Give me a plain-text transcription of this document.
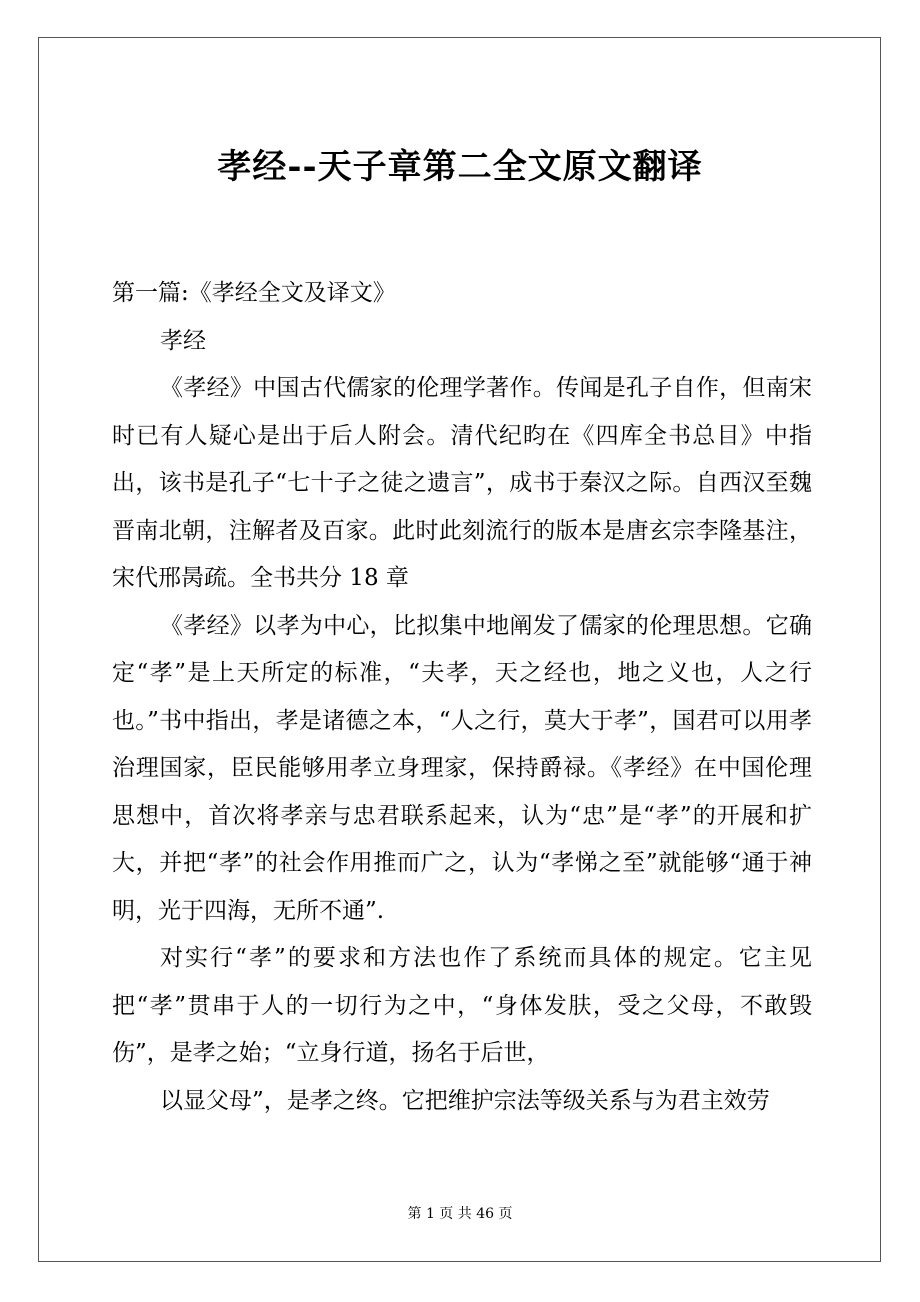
孝经--天子章第二全文原文翻译

第一篇:《孝经全文及译文》

孝经

《孝经》中国古代儒家的伦理学著作。传闻是孔子自作，但南宋时已有人疑心是出于后人附会。清代纪昀在《四库全书总目》中指出，该书是孔子“七十子之徒之遗言”，成书于秦汉之际。自西汉至魏晋南北朝，注解者及百家。此时此刻流行的版本是唐玄宗李隆基注，宋代邢昺疏。全书共分 18 章

《孝经》以孝为中心，比拟集中地阐发了儒家的伦理思想。它确定“孝”是上天所定的标准，“夫孝，天之经也，地之义也，人之行也。”书中指出，孝是诸德之本，“人之行，莫大于孝”，国君可以用孝治理国家，臣民能够用孝立身理家，保持爵禄。《孝经》在中国伦理思想中，首次将孝亲与忠君联系起来，认为“忠”是“孝”的开展和扩大，并把“孝”的社会作用推而广之，认为“孝悌之至”就能够“通于神明，光于四海，无所不通”.

对实行“孝”的要求和方法也作了系统而具体的规定。它主见把“孝”贯串于人的一切行为之中，“身体发肤，受之父母，不敢毁伤”，是孝之始；“立身行道，扬名于后世，

以显父母”，是孝之终。它把维护宗法等级关系与为君主效劳

第 1 页 共 46 页
